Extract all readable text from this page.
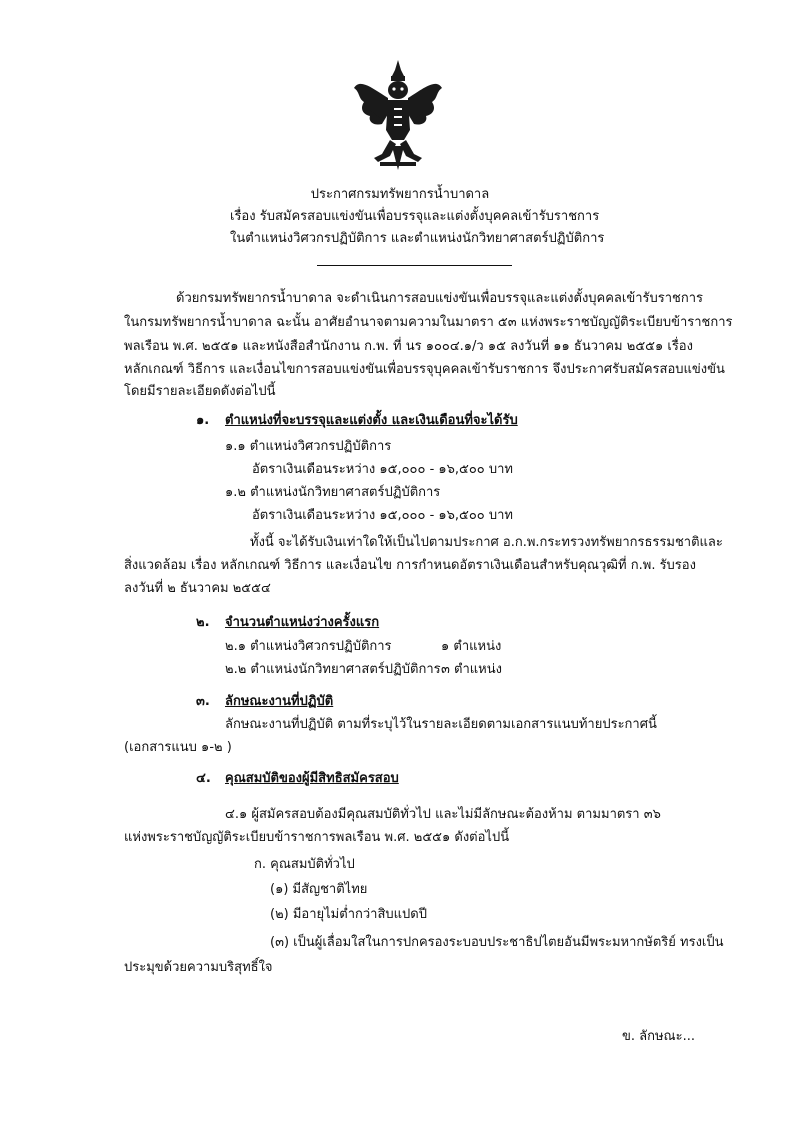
ประกาศกรมทรัพยากรน้ำบาดาล
เรื่อง รับสมัครสอบแข่งขันเพื่อบรรจุและแต่งตั้งบุคคลเข้ารับราชการ
ในตำแหน่งวิศวกรปฏิบัติการ และตำแหน่งนักวิทยาศาสตร์ปฏิบัติการ
ด้วยกรมทรัพยากรน้ำบาดาล จะดำเนินการสอบแข่งขันเพื่อบรรจุและแต่งตั้งบุคคลเข้ารับราชการ
ในกรมทรัพยากรน้ำบาดาล ฉะนั้น อาศัยอำนาจตามความในมาตรา ๕๓ แห่งพระราชบัญญัติระเบียบข้าราชการ
พลเรือน พ.ศ. ๒๕๕๑ และหนังสือสำนักงาน ก.พ. ที่ นร ๑๐๐๔.๑/ว ๑๕ ลงวันที่ ๑๑ ธันวาคม ๒๕๕๑ เรื่อง
หลักเกณฑ์ วิธีการ และเงื่อนไขการสอบแข่งขันเพื่อบรรจุบุคคลเข้ารับราชการ จึงประกาศรับสมัครสอบแข่งขัน
โดยมีรายละเอียดดังต่อไปนี้
๑. ตำแหน่งที่จะบรรจุและแต่งตั้ง และเงินเดือนที่จะได้รับ
๑.๑ ตำแหน่งวิศวกรปฏิบัติการ
อัตราเงินเดือนระหว่าง ๑๕,๐๐๐ - ๑๖,๕๐๐ บาท
๑.๒ ตำแหน่งนักวิทยาศาสตร์ปฏิบัติการ
อัตราเงินเดือนระหว่าง ๑๕,๐๐๐ - ๑๖,๕๐๐ บาท
ทั้งนี้ จะได้รับเงินเท่าใดให้เป็นไปตามประกาศ อ.ก.พ.กระทรวงทรัพยากรธรรมชาติและ
สิ่งแวดล้อม เรื่อง หลักเกณฑ์ วิธีการ และเงื่อนไข การกำหนดอัตราเงินเดือนสำหรับคุณวุฒิที่ ก.พ. รับรอง
ลงวันที่ ๒ ธันวาคม ๒๕๕๔
๒. จำนวนตำแหน่งว่างครั้งแรก
๒.๑ ตำแหน่งวิศวกรปฏิบัติการ	๑ ตำแหน่ง
๒.๒ ตำแหน่งนักวิทยาศาสตร์ปฏิบัติการ ๓ ตำแหน่ง
๓. ลักษณะงานที่ปฏิบัติ
ลักษณะงานที่ปฏิบัติ ตามที่ระบุไว้ในรายละเอียดตามเอกสารแนบท้ายประกาศนี้
(เอกสารแนบ ๑-๒ )
๔. คุณสมบัติของผู้มีสิทธิสมัครสอบ
๔.๑ ผู้สมัครสอบต้องมีคุณสมบัติทั่วไป และไม่มีลักษณะต้องห้าม ตามมาตรา ๓๖
แห่งพระราชบัญญัติระเบียบข้าราชการพลเรือน พ.ศ. ๒๕๕๑ ดังต่อไปนี้
ก. คุณสมบัติทั่วไป
(๑) มีสัญชาติไทย
(๒) มีอายุไม่ต่ำกว่าสิบแปดปี
(๓) เป็นผู้เลื่อมใสในการปกครองระบอบประชาธิปไตยอันมีพระมหากษัตริย์ ทรงเป็น
ประมุขด้วยความบริสุทธิ์ใจ
ข. ลักษณะ...
